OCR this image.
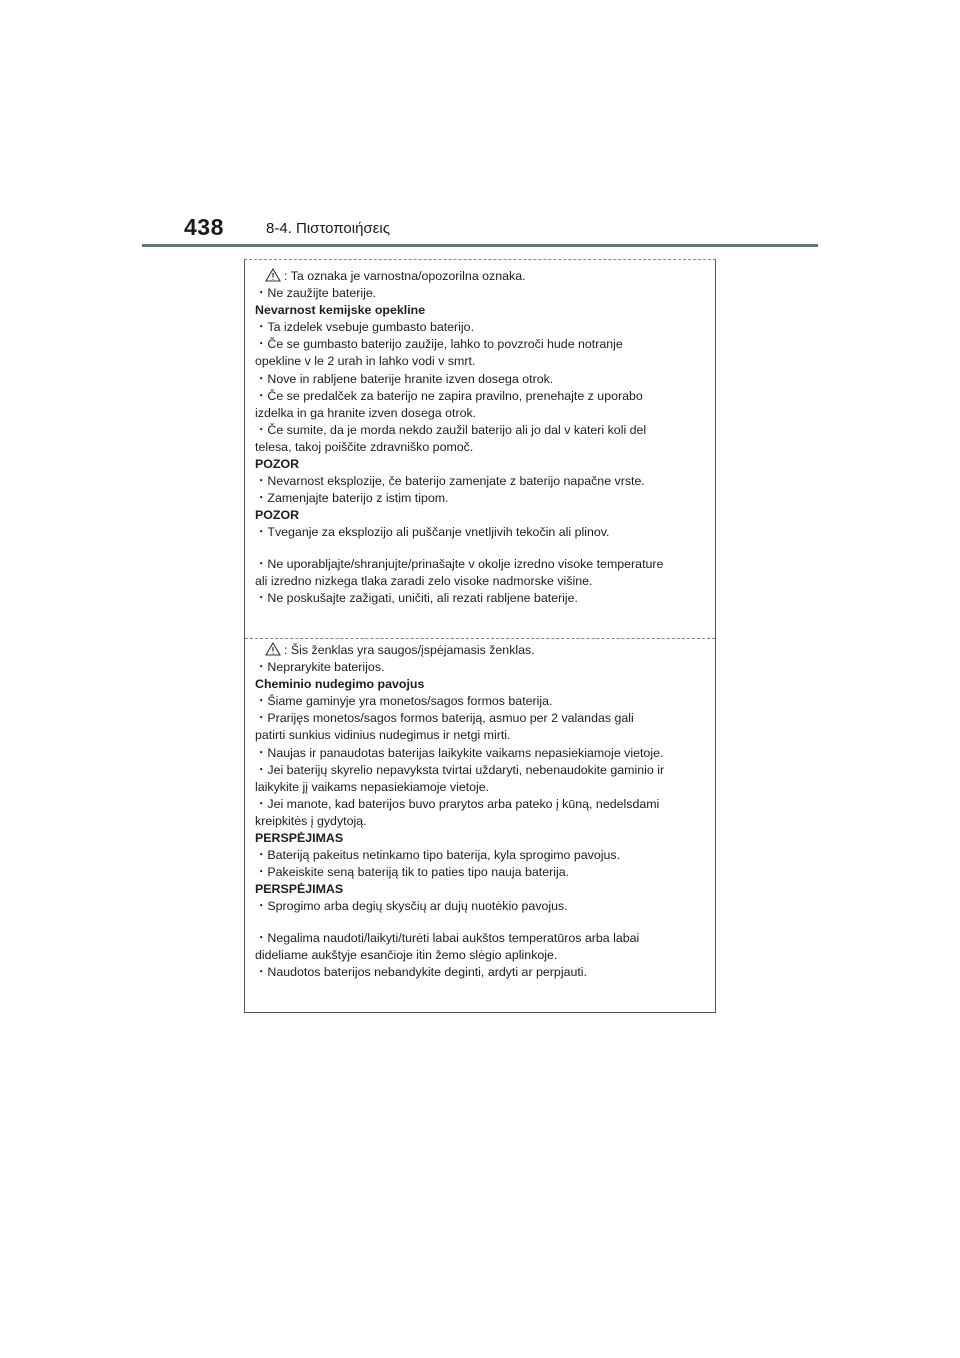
438	8-4. Πιστοποιήσεις
: Ta oznaka je varnostna/opozorilna oznaka.
・Ne zaužijte baterije.
Nevarnost kemijske opekline
・Ta izdelek vsebuje gumbasto baterijo.
・Če se gumbasto baterijo zaužije, lahko to povzroči hude notranje
opekline v le 2 urah in lahko vodi v smrt.
・Nove in rabljene baterije hranite izven dosega otrok.
・Če se predalček za baterijo ne zapira pravilno, prenehajte z uporabo
izdelka in ga hranite izven dosega otrok.
・Če sumite, da je morda nekdo zaužil baterijo ali jo dal v kateri koli del
telesa, takoj poiščite zdravniško pomoč.
POZOR
・Nevarnost eksplozije, če baterijo zamenjate z baterijo napačne vrste.
・Zamenjajte baterijo z istim tipom.
POZOR
・Tveganje za eksplozijo ali puščanje vnetljivih tekočin ali plinov.
・Ne uporabljajte/shranjujte/prinašajte v okolje izredno visoke temperature
ali izredno nizkega tlaka zaradi zelo visoke nadmorske višine.
・Ne poskušajte zažigati, uničiti, ali rezati rabljene baterije.
: Šis ženklas yra saugos/įspėjamasis ženklas.
・Neprarykite baterijos.
Cheminio nudegimo pavojus
・Šiame gaminyje yra monetos/sagos formos baterija.
・Prarijęs monetos/sagos formos bateriją, asmuo per 2 valandas gali
patirti sunkius vidinius nudegimus ir netgi mirti.
・Naujas ir panaudotas baterijas laikykite vaikams nepasiekiamoje vietoje.
・Jei baterijų skyrelio nepavyksta tvirtai uždaryti, nebenaudokite gaminio ir
laikykite jį vaikams nepasiekiamoje vietoje.
・Jei manote, kad baterijos buvo prarytos arba pateko į kūną, nedelsdami
kreipkitės į gydytoją.
PERSPĖJIMAS
・Bateriją pakeitus netinkamo tipo baterija, kyla sprogimo pavojus.
・Pakeiskite seną bateriją tik to paties tipo nauja baterija.
PERSPĖJIMAS
・Sprogimo arba degių skysčių ar dujų nuotėkio pavojus.
・Negalima naudoti/laikyti/turėti labai aukštos temperatūros arba labai
dideliame aukštyje esančioje itin žemo slėgio aplinkoje.
・Naudotos baterijos nebandykite deginti, ardyti ar perpjauti.
